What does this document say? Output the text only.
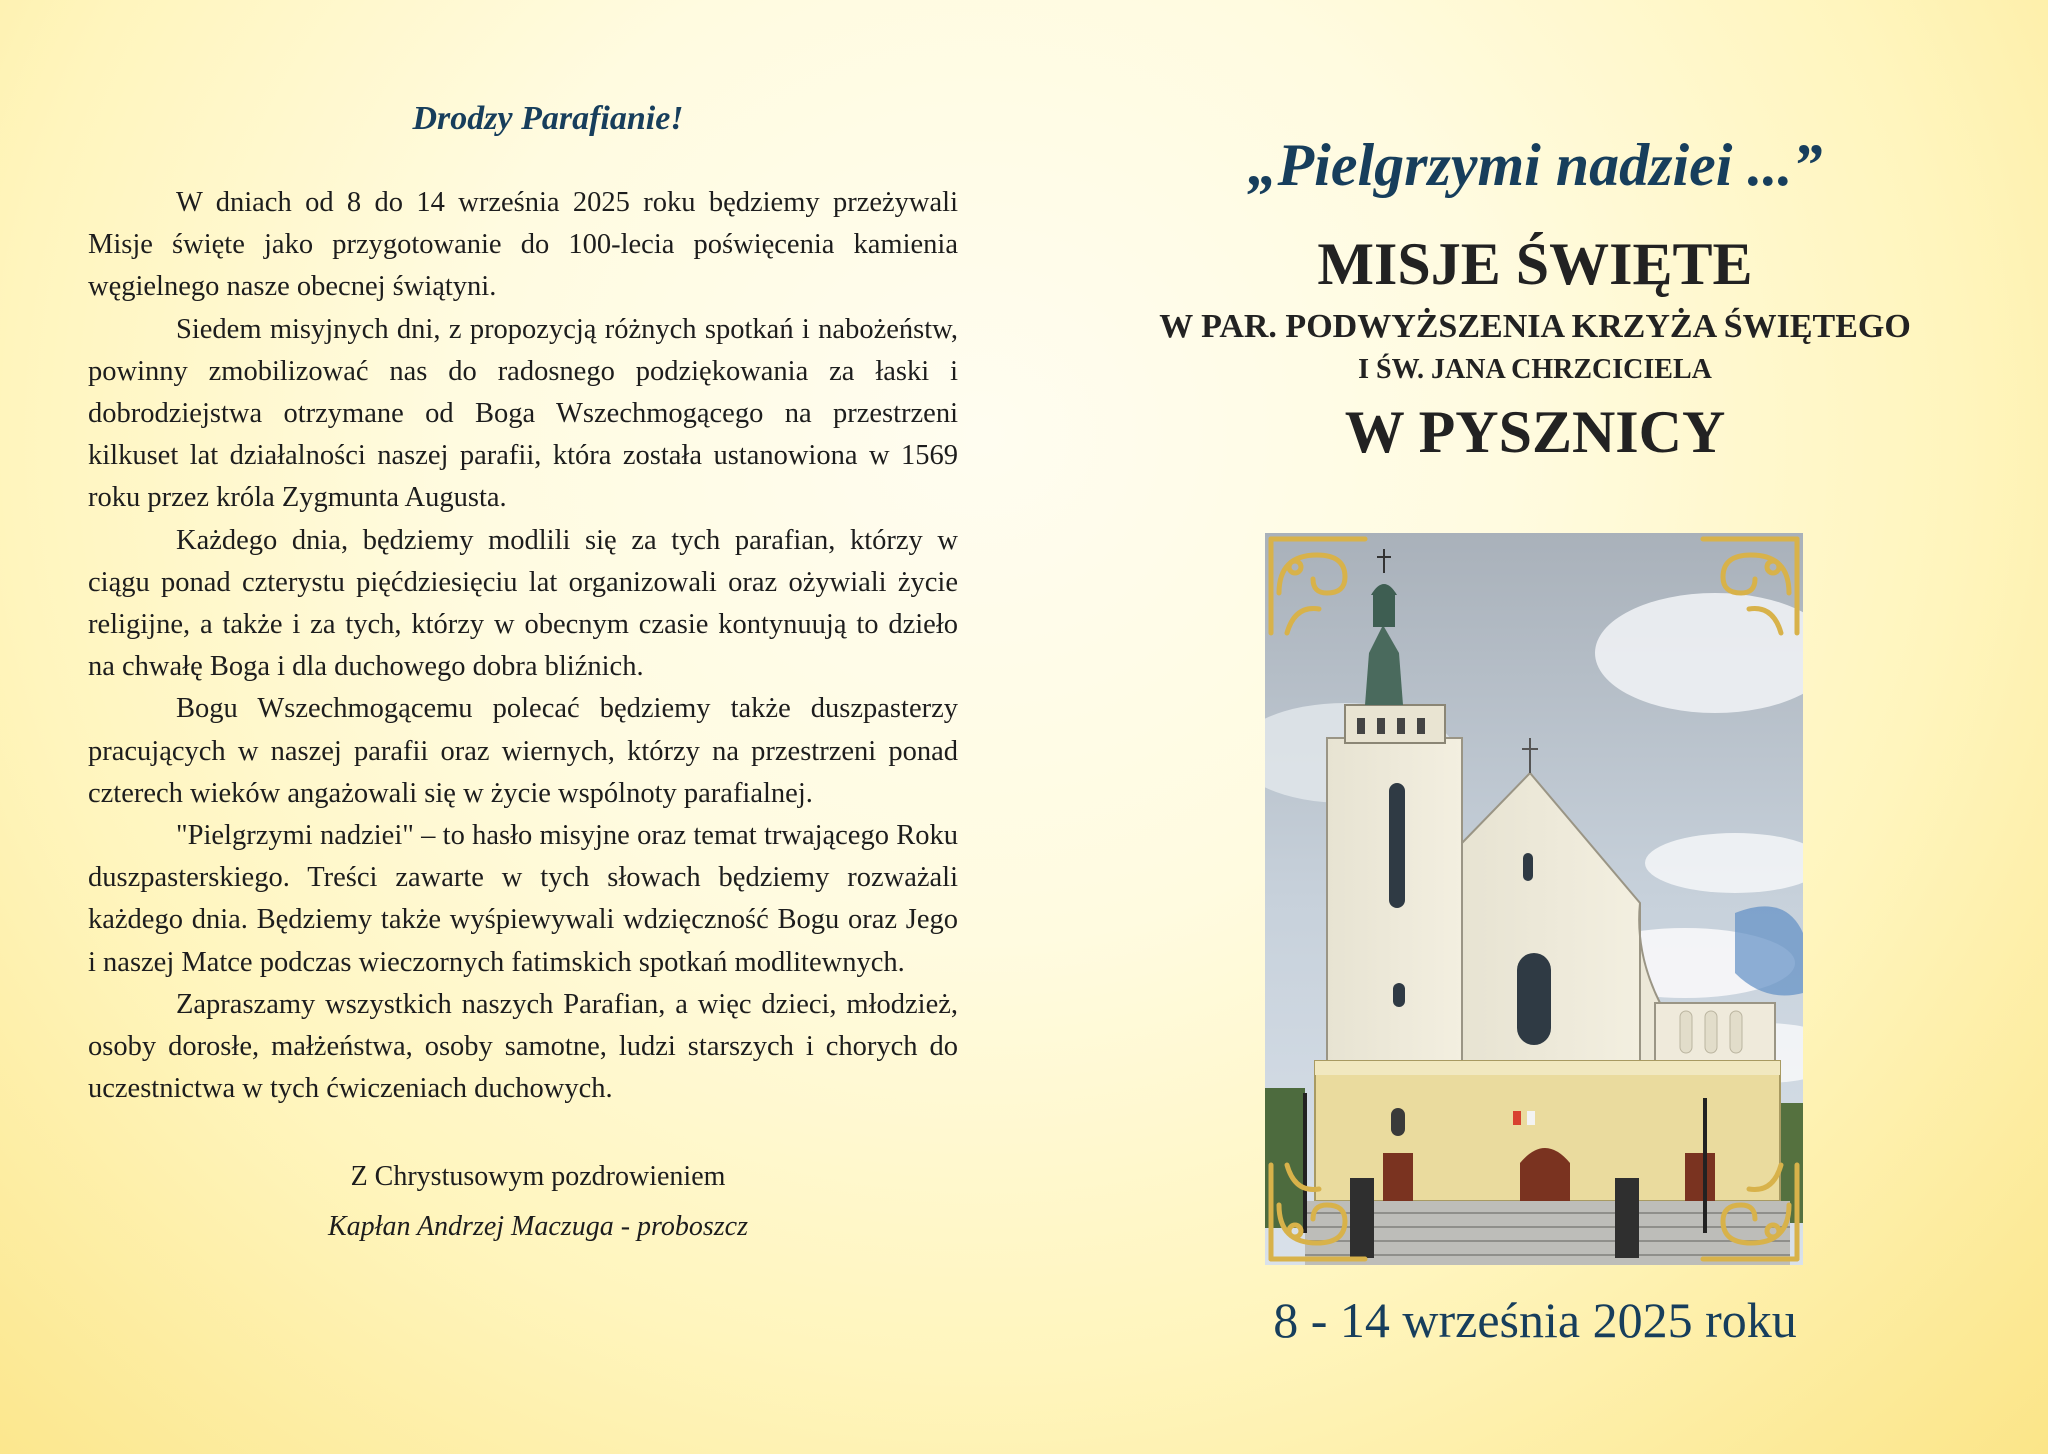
Drodzy Parafianie!

W dniach od 8 do 14 września 2025 roku będziemy przeżywali Misje święte jako przygotowanie do 100-lecia poświęcenia kamienia węgielnego nasze obecnej świątyni.

Siedem misyjnych dni, z propozycją różnych spotkań i nabożeństw, powinny zmobilizować nas do radosnego podziękowania za łaski i dobrodziejstwa otrzymane od Boga Wszechmogącego na przestrzeni kilkuset lat działalności naszej parafii, która została ustanowiona w 1569 roku przez króla Zygmunta Augusta.

Każdego dnia, będziemy modlili się za tych parafian, którzy w ciągu ponad czterystu pięćdziesięciu lat organizowali oraz ożywiali życie religijne, a także i za tych, którzy w obecnym czasie kontynuują to dzieło na chwałę Boga i dla duchowego dobra bliźnich.

Bogu Wszechmogącemu polecać będziemy także duszpasterzy pracujących w naszej parafii oraz wiernych, którzy na przestrzeni ponad czterech wieków angażowali się w życie wspólnoty parafialnej.

"Pielgrzymi nadziei" – to hasło misyjne oraz temat trwającego Roku duszpasterskiego. Treści zawarte w tych słowach będziemy rozważali każdego dnia. Będziemy także wyśpiewywali wdzięczność Bogu oraz Jego i naszej Matce podczas wieczornych fatimskich spotkań modlitewnych.

Zapraszamy wszystkich naszych Parafian, a więc dzieci, młodzież, osoby dorosłe, małżeństwa, osoby samotne, ludzi starszych i chorych do uczestnictwa w tych ćwiczeniach duchowych.

Z Chrystusowym pozdrowieniem
Kapłan Andrzej Maczuga - proboszcz
„Pielgrzymi nadziei ...”
MISJE ŚWIĘTE
W PAR. PODWYŻSZENIA KRZYŻA ŚWIĘTEGO
I ŚW. JANA CHRZCICIELA
W PYSZNICY
8 - 14 września 2025 roku
